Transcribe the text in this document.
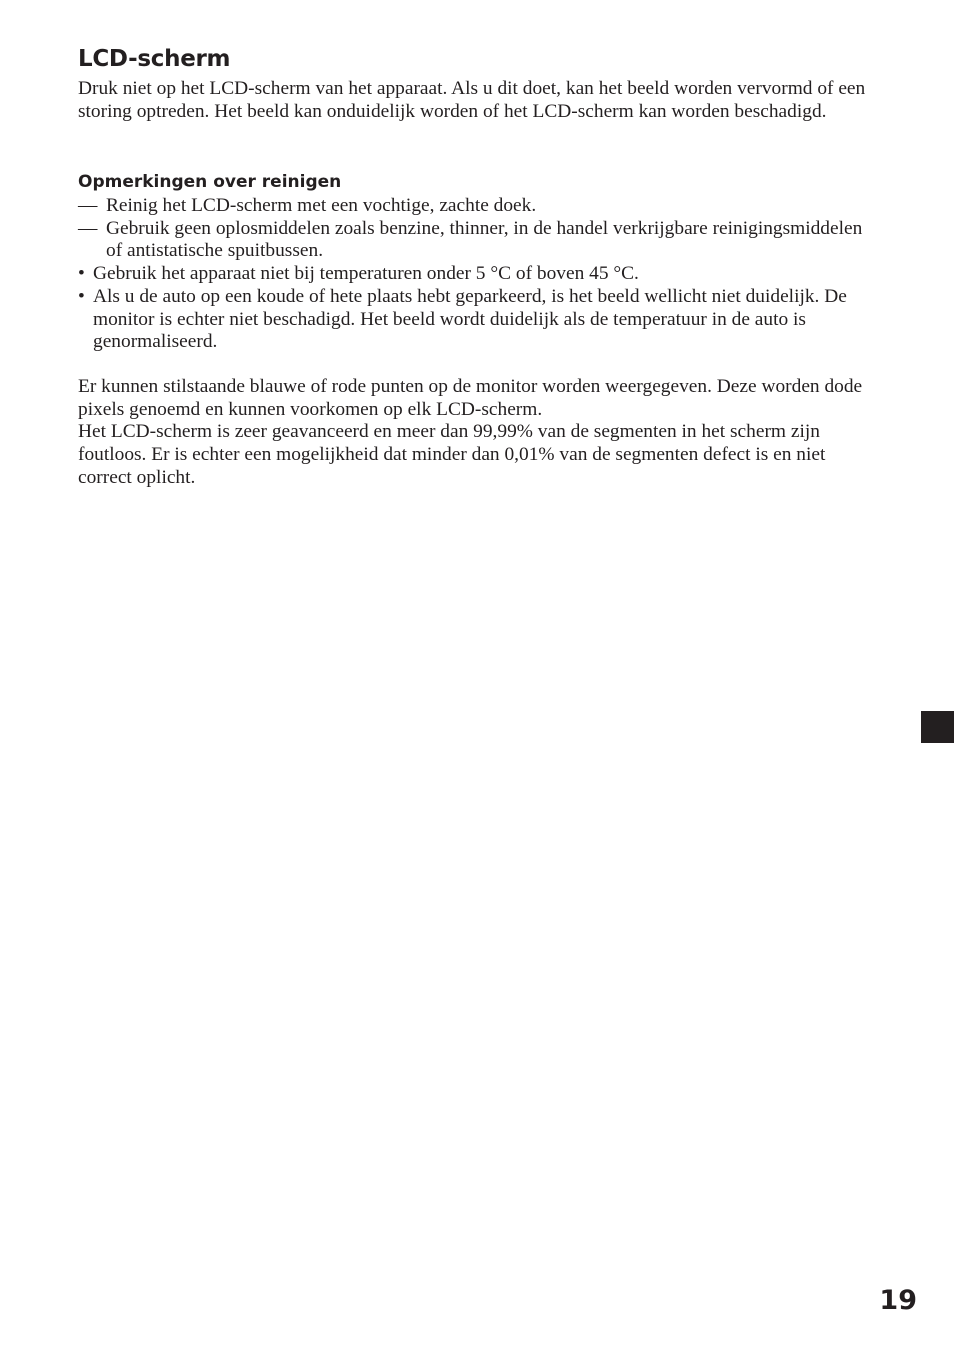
LCD-scherm

Druk niet op het LCD-scherm van het apparaat. Als u dit doet, kan het beeld worden vervormd of een storing optreden. Het beeld kan onduidelijk worden of het LCD-scherm kan worden beschadigd.

Opmerkingen over reinigen
— Reinig het LCD-scherm met een vochtige, zachte doek.
— Gebruik geen oplosmiddelen zoals benzine, thinner, in de handel verkrijgbare reinigingsmiddelen of antistatische spuitbussen.
• Gebruik het apparaat niet bij temperaturen onder 5 °C of boven 45 °C.
• Als u de auto op een koude of hete plaats hebt geparkeerd, is het beeld wellicht niet duidelijk. De monitor is echter niet beschadigd. Het beeld wordt duidelijk als de temperatuur in de auto is genormaliseerd.

Er kunnen stilstaande blauwe of rode punten op de monitor worden weergegeven. Deze worden dode pixels genoemd en kunnen voorkomen op elk LCD-scherm.

Het LCD-scherm is zeer geavanceerd en meer dan 99,99% van de segmenten in het scherm zijn foutloos. Er is echter een mogelijkheid dat minder dan 0,01% van de segmenten defect is en niet correct oplicht.

19
